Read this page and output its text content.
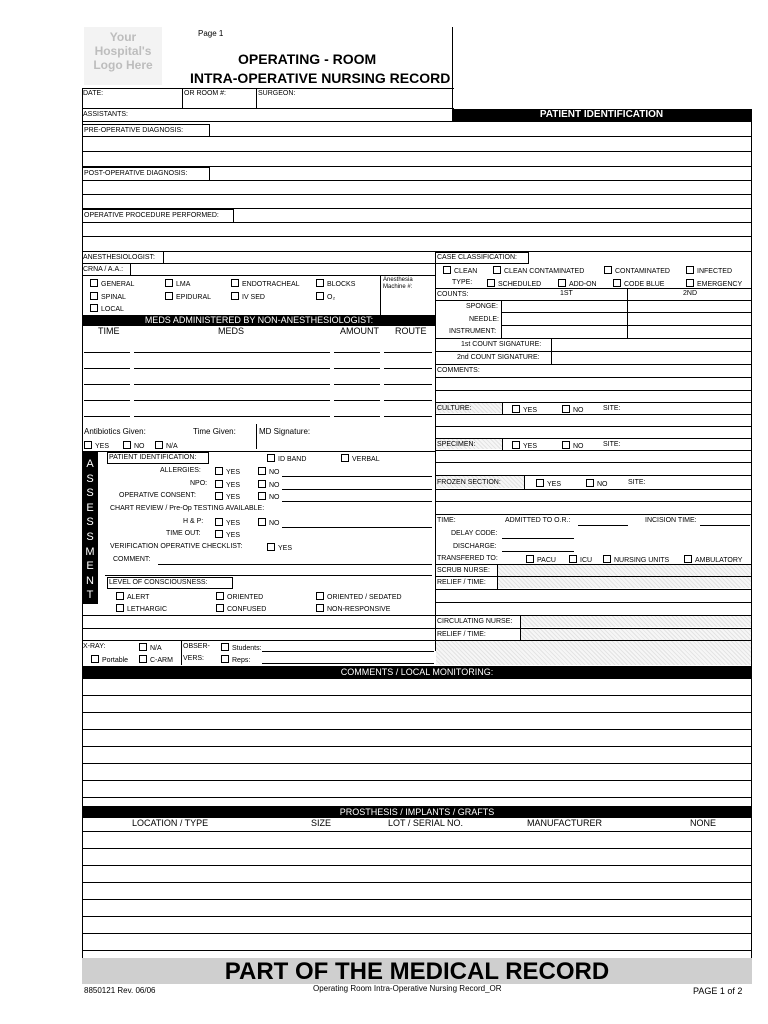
Your Hospital's Logo Here
Page 1
OPERATING - ROOM
INTRA-OPERATIVE NURSING RECORD
DATE:	OR ROOM #:	SURGEON:
ASSISTANTS:	PATIENT IDENTIFICATION
PRE-OPERATIVE DIAGNOSIS:
POST-OPERATIVE DIAGNOSIS:
OPERATIVE PROCEDURE PERFORMED:
ANESTHESIOLOGIST:
CRNA / A.A.:
GENERAL	LMA	ENDOTRACHEAL	BLOCKS
Anesthesia Machine #:
SPINAL	EPIDURAL	IV SED	O₂
LOCAL
MEDS ADMINISTERED BY NON-ANESTHESIOLOGIST:
TIME	MEDS	AMOUNT ROUTE
Antibiotics Given:	Time Given:	MD Signature:
YES	NO	N/A
A
S
S
E
S
S
M
E
N
T
PATIENT IDENTIFICATION:	ID BAND	VERBAL
ALLERGIES:	YES	NO
NPO:	YES	NO
OPERATIVE CONSENT:	YES	NO
CHART REVIEW / Pre-Op TESTING AVAILABLE:
H & P:	YES	NO
TIME OUT:	YES
VERIFICATION OPERATIVE CHECKLIST:	YES
COMMENT:
LEVEL OF CONSCIOUSNESS:
ALERT	ORIENTED	ORIENTED / SEDATED
LETHARGIC	CONFUSED	NON-RESPONSIVE
X-RAY:	N/A
Portable	C-ARM
OBSER-
VERS:
Students:
Reps:
CASE CLASSIFICATION:
CLEAN	CLEAN CONTAMINATED	CONTAMINATED	INFECTED
TYPE:	SCHEDULED	ADD-ON	CODE BLUE	EMERGENCY
COUNTS:	1ST	2ND
SPONGE:
NEEDLE:
INSTRUMENT:
1st COUNT SIGNATURE:
2nd COUNT SIGNATURE:
COMMENTS:
CULTURE:	YES	NO	SITE:
SPECIMEN:	YES	NO	SITE:
FROZEN SECTION:	YES	NO	SITE:
TIME:	ADMITTED TO O.R.:	INCISION TIME:
DELAY CODE:
DISCHARGE:
TRANSFERED TO:	PACU	ICU	NURSING UNITS	AMBULATORY
SCRUB NURSE:
RELIEF / TIME:
CIRCULATING NURSE:
RELIEF / TIME:
COMMENTS / LOCAL MONITORING:
PROSTHESIS / IMPLANTS / GRAFTS
LOCATION / TYPE	SIZE	LOT / SERIAL NO.	MANUFACTURER	NONE
PART OF THE MEDICAL RECORD
8850121 Rev. 06/06	Operating Room Intra-Operative Nursing Record_OR	PAGE 1 of 2
